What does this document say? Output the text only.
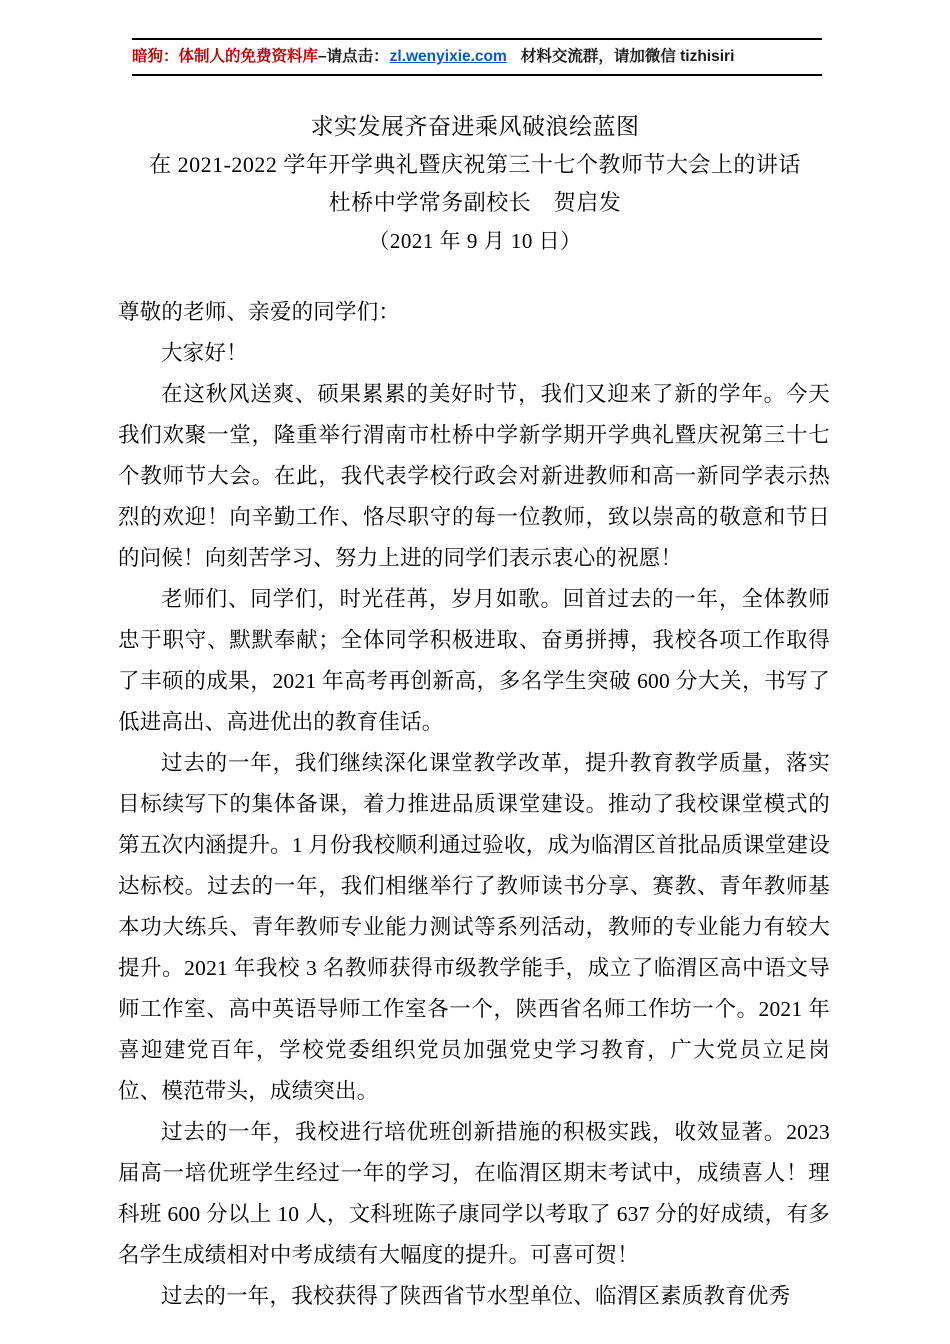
暗狗：体制人的免费资料库 –请点击： zl.wenyixie.com 材料交流群，请加微信 tizhisiri
求实发展齐奋进乘风破浪绘蓝图
在 2021-2022 学年开学典礼暨庆祝第三十七个教师节大会上的讲话
杜桥中学常务副校长　贺启发
（2021 年 9 月 10 日）

尊敬的老师、亲爱的同学们：

大家好！

在这秋风送爽、硕果累累的美好时节，我们又迎来了新的学年。今天我们欢聚一堂，隆重举行渭南市杜桥中学新学期开学典礼暨庆祝第三十七个教师节大会。在此，我代表学校行政会对新进教师和高一新同学表示热烈的欢迎！向辛勤工作、恪尽职守的每一位教师，致以崇高的敬意和节日的问候！向刻苦学习、努力上进的同学们表示衷心的祝愿！

老师们、同学们，时光荏苒，岁月如歌。回首过去的一年，全体教师忠于职守、默默奉献；全体同学积极进取、奋勇拼搏，我校各项工作取得了丰硕的成果，2021 年高考再创新高，多名学生突破 600 分大关，书写了低进高出、高进优出的教育佳话。

过去的一年，我们继续深化课堂教学改革，提升教育教学质量，落实目标续写下的集体备课，着力推进品质课堂建设。推动了我校课堂模式的第五次内涵提升。1 月份我校顺利通过验收，成为临渭区首批品质课堂建设达标校。过去的一年，我们相继举行了教师读书分享、赛教、青年教师基本功大练兵、青年教师专业能力测试等系列活动，教师的专业能力有较大提升。2021 年我校 3 名教师获得市级教学能手，成立了临渭区高中语文导师工作室、高中英语导师工作室各一个，陕西省名师工作坊一个。2021 年喜迎建党百年，学校党委组织党员加强党史学习教育，广大党员立足岗位、模范带头，成绩突出。

过去的一年，我校进行培优班创新措施的积极实践，收效显著。2023 届高一培优班学生经过一年的学习，在临渭区期末考试中，成绩喜人！理科班 600 分以上 10 人，文科班陈子康同学以考取了 637 分的好成绩，有多名学生成绩相对中考成绩有大幅度的提升。可喜可贺！

过去的一年，我校获得了陕西省节水型单位、临渭区素质教育优秀
